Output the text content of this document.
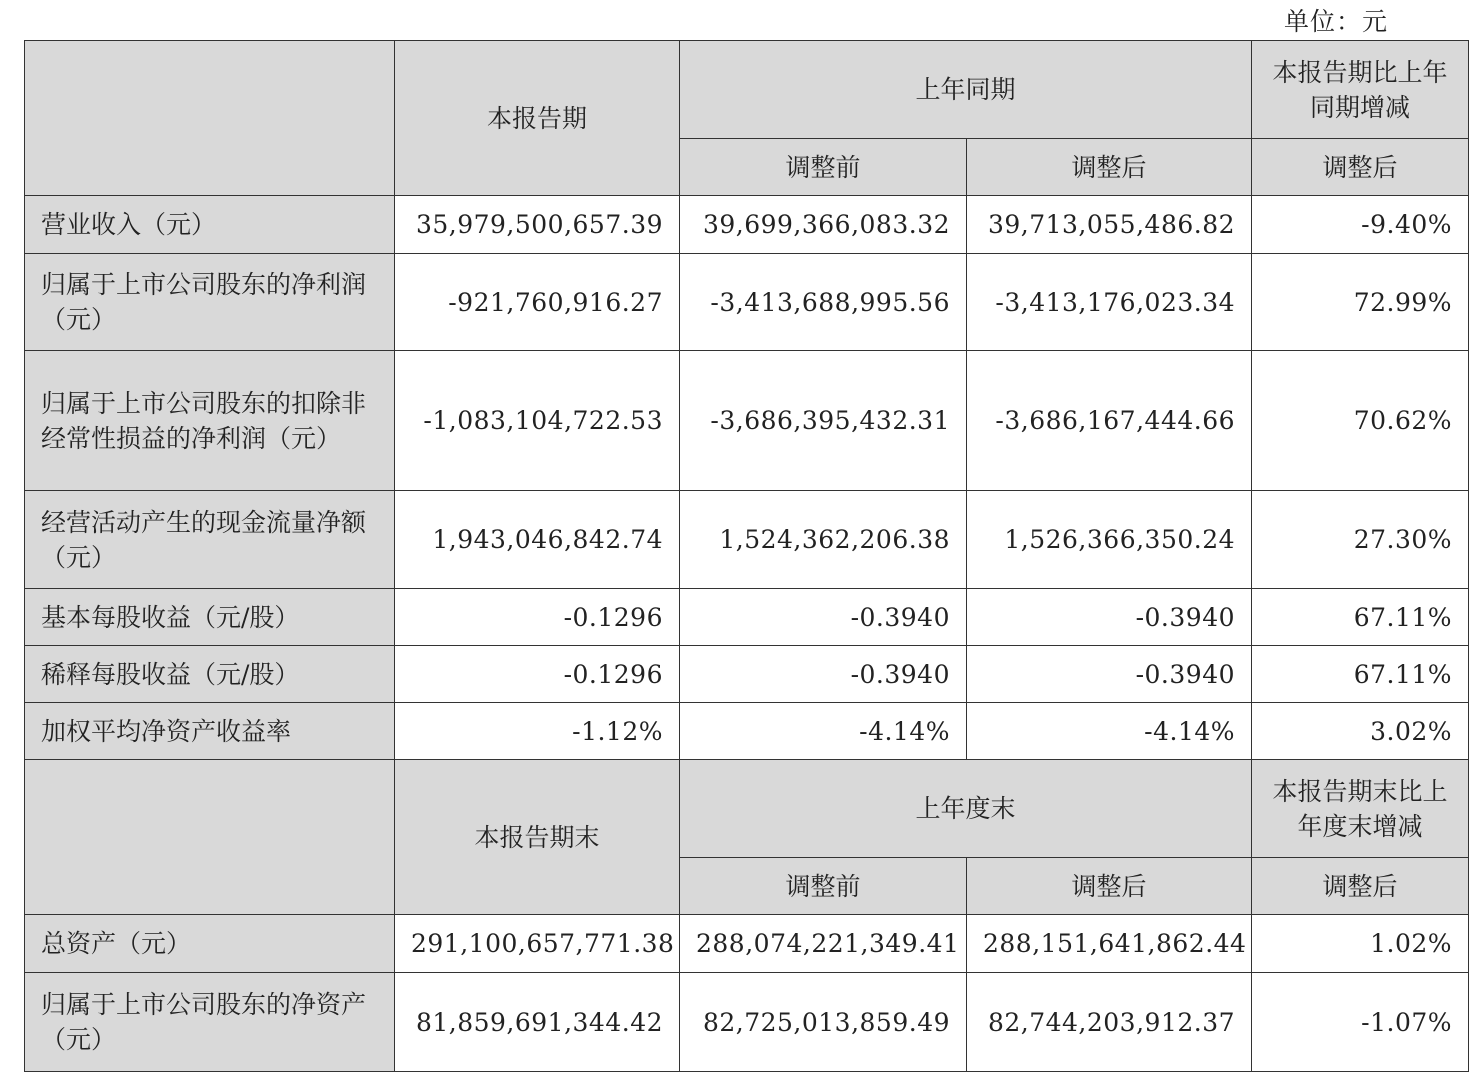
单位：元
	本报告期	上年同期		本报告期比上年同期增减
		调整前	调整后	调整后
营业收入（元）	35,979,500,657.39	39,699,366,083.32	39,713,055,486.82	-9.40%
归属于上市公司股东的净利润（元）	-921,760,916.27	-3,413,688,995.56	-3,413,176,023.34	72.99%
归属于上市公司股东的扣除非经常性损益的净利润（元）	-1,083,104,722.53	-3,686,395,432.31	-3,686,167,444.66	70.62%
经营活动产生的现金流量净额（元）	1,943,046,842.74	1,524,362,206.38	1,526,366,350.24	27.30%
基本每股收益（元/股）	-0.1296	-0.3940	-0.3940	67.11%
稀释每股收益（元/股）	-0.1296	-0.3940	-0.3940	67.11%
加权平均净资产收益率	-1.12%	-4.14%	-4.14%	3.02%
	本报告期末	上年度末		本报告期末比上年度末增减
		调整前	调整后	调整后
总资产（元）	291,100,657,771.38	288,074,221,349.41	288,151,641,862.44	1.02%
归属于上市公司股东的净资产（元）	81,859,691,344.42	82,725,013,859.49	82,744,203,912.37	-1.07%
